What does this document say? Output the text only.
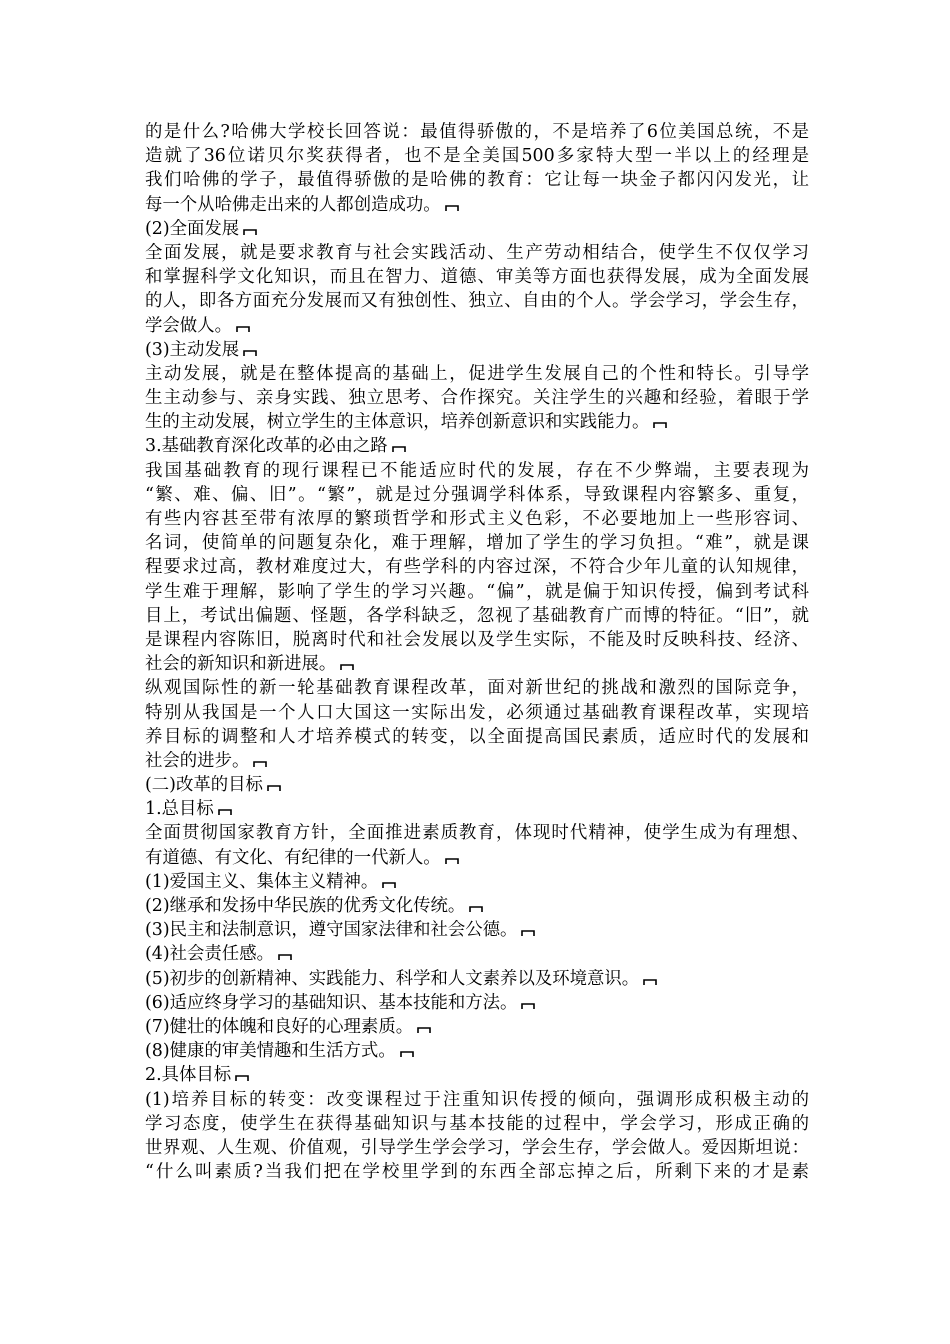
的是什么?哈佛大学校长回答说：最值得骄傲的，不是培养了6位美国总统，不是
造就了36位诺贝尔奖获得者，也不是全美国500多家特大型一半以上的经理是
我们哈佛的学子，最值得骄傲的是哈佛的教育：它让每一块金子都闪闪发光，让
每一个从哈佛走出来的人都创造成功。
(2)全面发展
全面发展，就是要求教育与社会实践活动、生产劳动相结合，使学生不仅仅学习
和掌握科学文化知识，而且在智力、道德、审美等方面也获得发展，成为全面发展
的人，即各方面充分发展而又有独创性、独立、自由的个人。学会学习，学会生存，
学会做人。
(3)主动发展
主动发展，就是在整体提高的基础上，促进学生发展自己的个性和特长。引导学
生主动参与、亲身实践、独立思考、合作探究。关注学生的兴趣和经验，着眼于学
生的主动发展，树立学生的主体意识，培养创新意识和实践能力。
3.基础教育深化改革的必由之路
我国基础教育的现行课程已不能适应时代的发展，存在不少弊端，主要表现为
“繁、难、偏、旧”。“繁”，就是过分强调学科体系，导致课程内容繁多、重复，
有些内容甚至带有浓厚的繁琐哲学和形式主义色彩，不必要地加上一些形容词、
名词，使简单的问题复杂化，难于理解，增加了学生的学习负担。“难”，就是课
程要求过高，教材难度过大，有些学科的内容过深，不符合少年儿童的认知规律，
学生难于理解，影响了学生的学习兴趣。“偏”，就是偏于知识传授，偏到考试科
目上，考试出偏题、怪题，各学科缺乏，忽视了基础教育广而博的特征。“旧”，就
是课程内容陈旧，脱离时代和社会发展以及学生实际，不能及时反映科技、经济、
社会的新知识和新进展。
纵观国际性的新一轮基础教育课程改革，面对新世纪的挑战和激烈的国际竞争，
特别从我国是一个人口大国这一实际出发，必须通过基础教育课程改革，实现培
养目标的调整和人才培养模式的转变，以全面提高国民素质，适应时代的发展和
社会的进步。
(二)改革的目标
1.总目标
全面贯彻国家教育方针，全面推进素质教育，体现时代精神，使学生成为有理想、
有道德、有文化、有纪律的一代新人。
(1)爱国主义、集体主义精神。
(2)继承和发扬中华民族的优秀文化传统。
(3)民主和法制意识，遵守国家法律和社会公德。
(4)社会责任感。
(5)初步的创新精神、实践能力、科学和人文素养以及环境意识。
(6)适应终身学习的基础知识、基本技能和方法。
(7)健壮的体魄和良好的心理素质。
(8)健康的审美情趣和生活方式。
2.具体目标
(1)培养目标的转变：改变课程过于注重知识传授的倾向，强调形成积极主动的
学习态度，使学生在获得基础知识与基本技能的过程中，学会学习，形成正确的
世界观、人生观、价值观，引导学生学会学习，学会生存，学会做人。爱因斯坦说：
“什么叫素质?当我们把在学校里学到的东西全部忘掉之后，所剩下来的才是素
